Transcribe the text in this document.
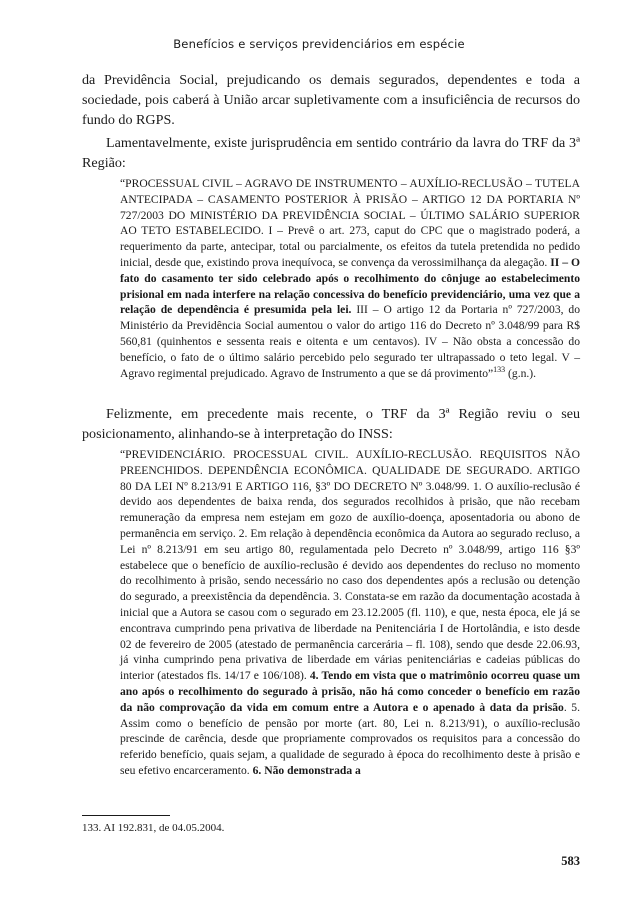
Benefícios e serviços previdenciários em espécie

da Previdência Social, prejudicando os demais segurados, dependentes e toda a sociedade, pois caberá à União arcar supletivamente com a insuficiência de recursos do fundo do RGPS.

Lamentavelmente, existe jurisprudência em sentido contrário da lavra do TRF da 3ª Região:

“PROCESSUAL CIVIL – AGRAVO DE INSTRUMENTO – AUXÍLIO-RECLUSÃO – TUTELA ANTECIPADA – CASAMENTO POSTERIOR À PRISÃO – ARTIGO 12 DA PORTARIA Nº 727/2003 DO MINISTÉRIO DA PREVIDÊNCIA SOCIAL – ÚLTIMO SALÁRIO SUPERIOR AO TETO ESTABELECIDO. I – Prevê o art. 273, caput do CPC que o magistrado poderá, a requerimento da parte, antecipar, total ou parcialmente, os efeitos da tutela pretendida no pedido inicial, desde que, existindo prova inequívoca, se convença da verossimilhança da alegação. II – O fato do casamento ter sido celebrado após o recolhimento do cônjuge ao estabelecimento prisional em nada interfere na relação concessiva do benefício previdenciário, uma vez que a relação de dependência é presumida pela lei. III – O artigo 12 da Portaria nº 727/2003, do Ministério da Previdência Social aumentou o valor do artigo 116 do Decreto nº 3.048/99 para R$ 560,81 (quinhentos e sessenta reais e oitenta e um centavos). IV – Não obsta a concessão do benefício, o fato de o último salário percebido pelo segurado ter ultrapassado o teto legal. V – Agravo regimental prejudicado. Agravo de Instrumento a que se dá provimento”$^{133}$ (g.n.).

Felizmente, em precedente mais recente, o TRF da 3ª Região reviu o seu posicionamento, alinhando-se à interpretação do INSS:

“PREVIDENCIÁRIO. PROCESSUAL CIVIL. AUXÍLIO-RECLUSÃO. REQUISITOS NÃO PREENCHIDOS. DEPENDÊNCIA ECONÔMICA. QUALIDADE DE SEGURADO. ARTIGO 80 DA LEI Nº 8.213/91 E ARTIGO 116, §3º DO DECRETO Nº 3.048/99. 1. O auxílio-reclusão é devido aos dependentes de baixa renda, dos segurados recolhidos à prisão, que não recebam remuneração da empresa nem estejam em gozo de auxílio-doença, aposentadoria ou abono de permanência em serviço. 2. Em relação à dependência econômica da Autora ao segurado recluso, a Lei nº 8.213/91 em seu artigo 80, regulamentada pelo Decreto nº 3.048/99, artigo 116 §3º estabelece que o benefício de auxílio-reclusão é devido aos dependentes do recluso no momento do recolhimento à prisão, sendo necessário no caso dos dependentes após a reclusão ou detenção do segurado, a preexistência da dependência. 3. Constata-se em razão da documentação acostada à inicial que a Autora se casou com o segurado em 23.12.2005 (fl. 110), e que, nesta época, ele já se encontrava cumprindo pena privativa de liberdade na Penitenciária I de Hortolândia, e isto desde 02 de fevereiro de 2005 (atestado de permanência carcerária – fl. 108), sendo que desde 22.06.93, já vinha cumprindo pena privativa de liberdade em várias penitenciárias e cadeias públicas do interior (atestados fls. 14/17 e 106/108). 4. Tendo em vista que o matrimônio ocorreu quase um ano após o recolhimento do segurado à prisão, não há como conceder o benefício em razão da não comprovação da vida em comum entre a Autora e o apenado à data da prisão. 5. Assim como o benefício de pensão por morte (art. 80, Lei n. 8.213/91), o auxílio-reclusão prescinde de carência, desde que propriamente comprovados os requisitos para a concessão do referido benefício, quais sejam, a qualidade de segurado à época do recolhimento deste à prisão e seu efetivo encarceramento. 6. Não demonstrada a

133. AI 192.831, de 04.05.2004.

583
